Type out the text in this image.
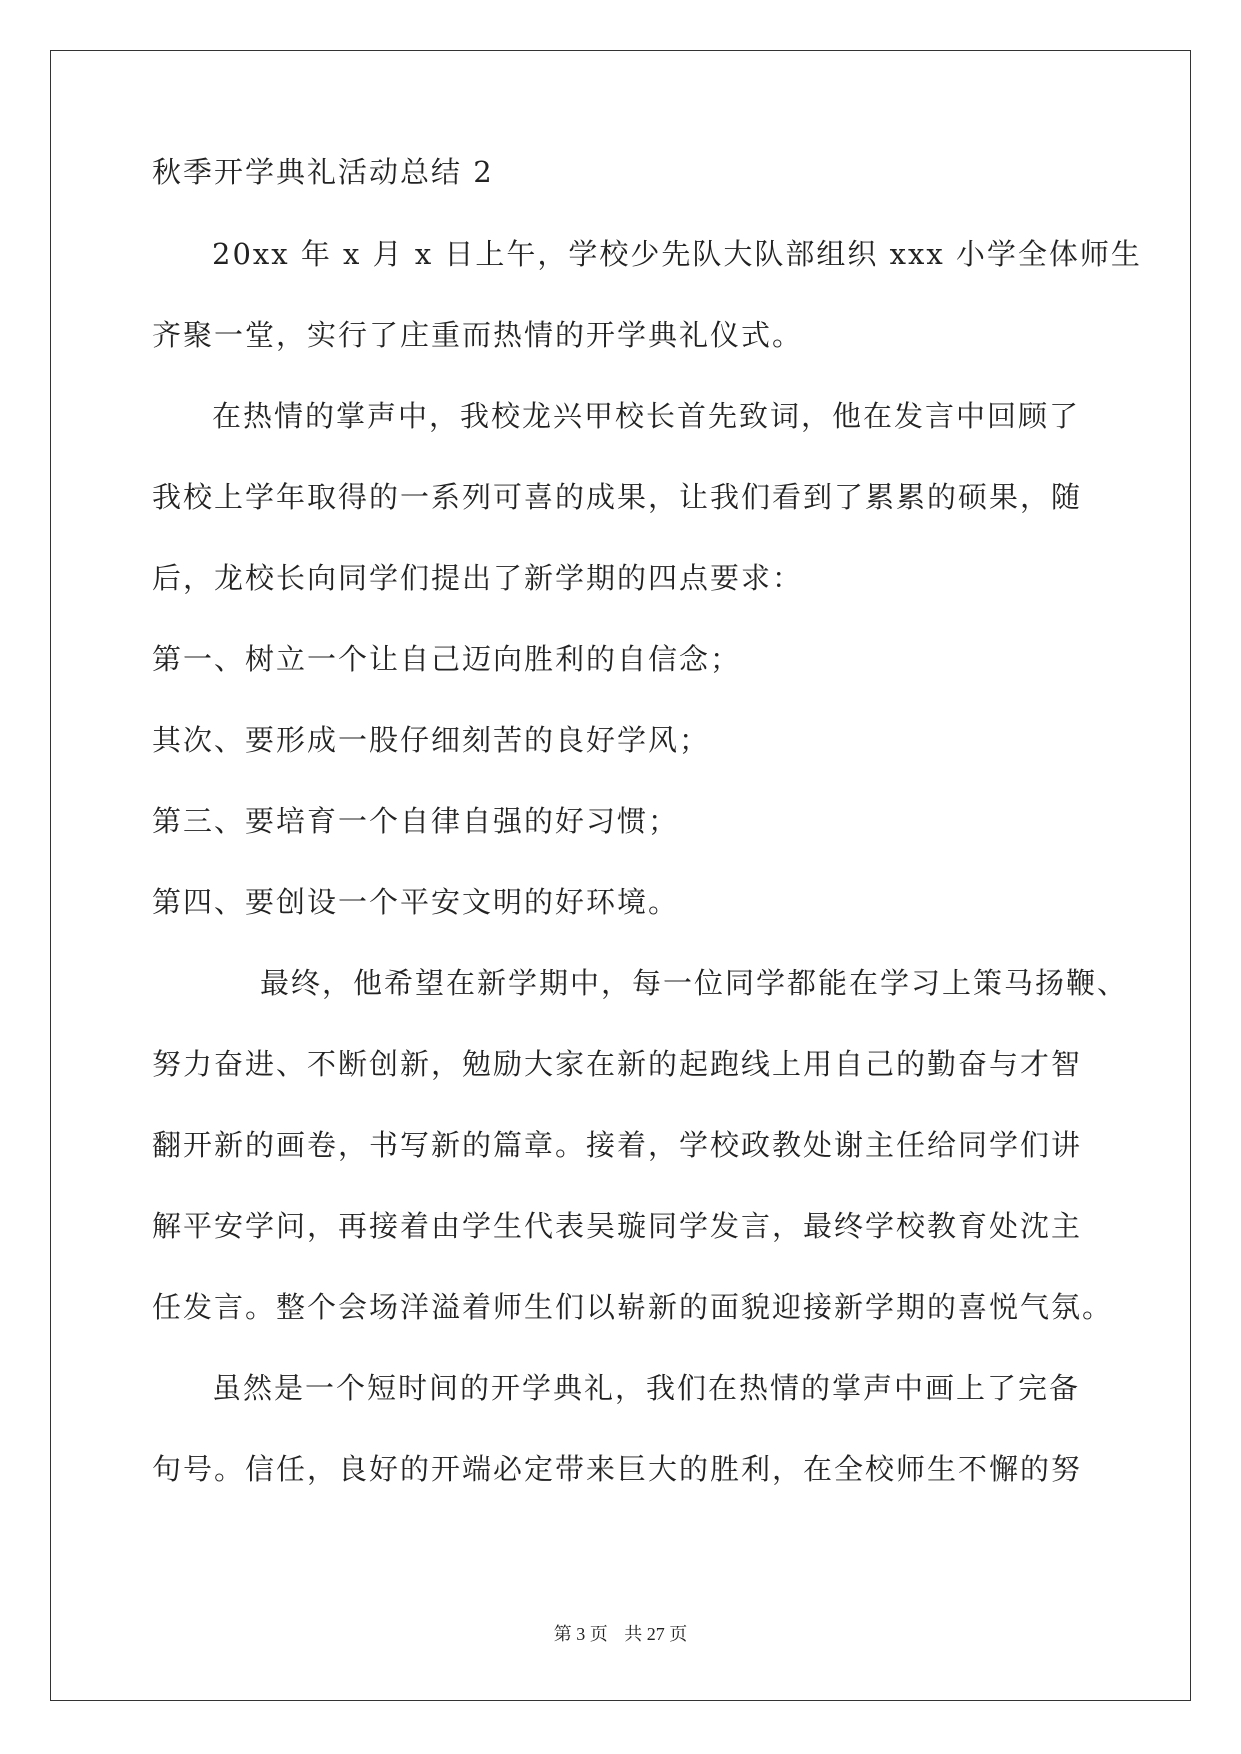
秋季开学典礼活动总结 2
20xx 年 x 月 x 日上午，学校少先队大队部组织 xxx 小学全体师生
齐聚一堂，实行了庄重而热情的开学典礼仪式。
在热情的掌声中，我校龙兴甲校长首先致词，他在发言中回顾了
我校上学年取得的一系列可喜的成果，让我们看到了累累的硕果，随
后，龙校长向同学们提出了新学期的四点要求：
第一、树立一个让自己迈向胜利的自信念；
其次、要形成一股仔细刻苦的良好学风；
第三、要培育一个自律自强的好习惯；
第四、要创设一个平安文明的好环境。
最终，他希望在新学期中，每一位同学都能在学习上策马扬鞭、
努力奋进、不断创新，勉励大家在新的起跑线上用自己的勤奋与才智
翻开新的画卷，书写新的篇章。接着，学校政教处谢主任给同学们讲
解平安学问，再接着由学生代表吴璇同学发言，最终学校教育处沈主
任发言。整个会场洋溢着师生们以崭新的面貌迎接新学期的喜悦气氛。
虽然是一个短时间的开学典礼，我们在热情的掌声中画上了完备
句号。信任，良好的开端必定带来巨大的胜利，在全校师生不懈的努
第 3 页 共 27 页
